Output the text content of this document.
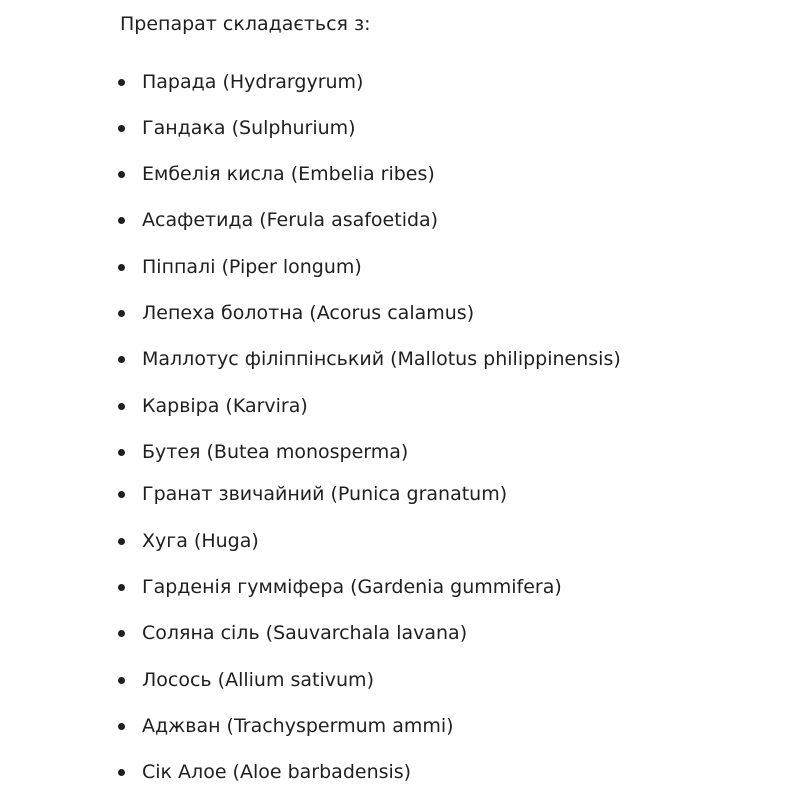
Препарат складається з:

Парада (Hydrargyrum)
Гандака (Sulphurium)
Ембелія кисла (Embelia ribes)
Асафетида (Ferula asafoetida)
Піппалі (Piper longum)
Лепеха болотна (Acorus calamus)
Маллотус філіппінський (Mallotus philippinensis)
Карвіра (Karvira)
Бутея (Butea monosperma)
Гранат звичайний (Punica granatum)
Хуга (Huga)
Гарденія гумміфера (Gardenia gummifera)
Соляна сіль (Sauvarchala lavana)
Лосось (Allium sativum)
Аджван (Trachyspermum ammi)
Сік Алое (Aloe barbadensis)
